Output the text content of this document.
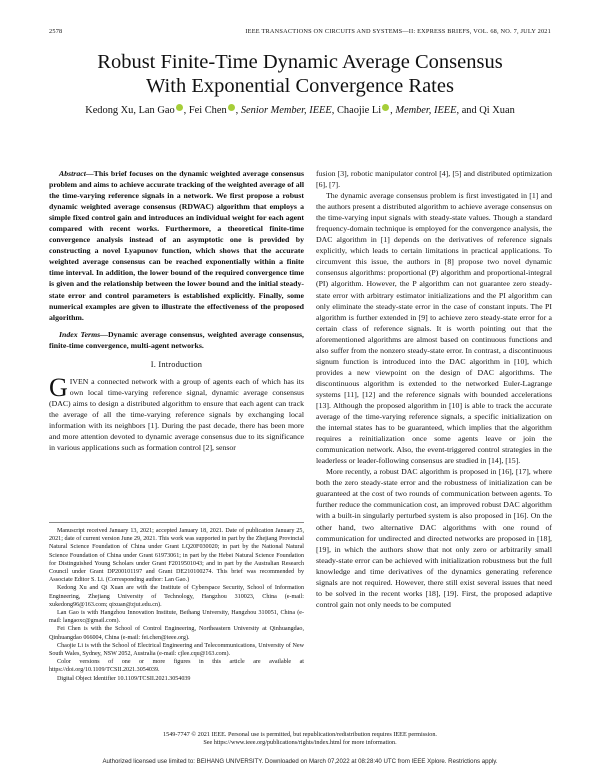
2578	IEEE TRANSACTIONS ON CIRCUITS AND SYSTEMS—II: EXPRESS BRIEFS, VOL. 68, NO. 7, JULY 2021
Robust Finite-Time Dynamic Average Consensus
With Exponential Convergence Rates
Kedong Xu, Lan Gao , Fei Chen , Senior Member, IEEE, Chaojie Li , Member, IEEE, and Qi Xuan

Abstract—This brief focuses on the dynamic weighted average consensus problem and aims to achieve accurate tracking of the weighted average of all the time-varying reference signals in a network. We first propose a robust dynamic weighted average consensus (RDWAC) algorithm that employs a simple fixed control gain and introduces an individual weight for each agent compared with recent works. Furthermore, a theoretical finite-time convergence analysis instead of an asymptotic one is provided by constructing a novel Lyapunov function, which shows that the accurate weighted average consensus can be reached exponentially within a finite time interval. In addition, the lower bound of the required convergence time is given and the relationship between the lower bound and the initial steady-state error and control parameters is established explicitly. Finally, some numerical examples are given to illustrate the effectiveness of the proposed algorithm.

Index Terms—Dynamic average consensus, weighted average consensus, finite-time convergence, multi-agent networks.

I. Introduction

GIVEN a connected network with a group of agents each of which has its own local time-varying reference signal, dynamic average consensus (DAC) aims to design a distributed algorithm to ensure that each agent can track the average of all the time-varying reference signals by exchanging local information with its neighbors [1]. During the past decade, there has been more and more attention devoted to dynamic average consensus due to its significance in various applications such as formation control [2], sensor

Manuscript received January 13, 2021; accepted January 18, 2021. Date of publication January 25, 2021; date of current version June 29, 2021. This work was supported in part by the Zhejiang Provincial Natural Science Foundation of China under Grant LQ20F030020; in part by the National Natural Science Foundation of China under Grant 61973061; in part by the Hebei Natural Science Foundation for Distinguished Young Scholars under Grant F2019501043; and in part by the Australian Research Council under Grant DP200101197 and Grant DE210100274. This brief was recommended by Associate Editor S. Li. (Corresponding author: Lan Gao.)

Kedong Xu and Qi Xuan are with the Institute of Cyberspace Security, School of Information Engineering, Zhejiang University of Technology, Hangzhou 310023, China (e-mail: xukedong96@163.com; qixuan@zjut.edu.cn).

Lan Gao is with Hangzhou Innovation Institute, Beihang University, Hangzhou 310051, China (e-mail: langaoxc@gmail.com).

Fei Chen is with the School of Control Engineering, Northeastern University at Qinhuangdao, Qinhuangdao 066004, China (e-mail: fei.chen@ieee.org).

Chaojie Li is with the School of Electrical Engineering and Telecommunications, University of New South Wales, Sydney, NSW 2052, Australia (e-mail: cjlee.cqu@163.com).

Color versions of one or more figures in this article are available at https://doi.org/10.1109/TCSII.2021.3054039.

Digital Object Identifier 10.1109/TCSII.2021.3054039

fusion [3], robotic manipulator control [4], [5] and distributed optimization [6], [7].

The dynamic average consensus problem is first investigated in [1] and the authors present a distributed algorithm to achieve average consensus on the time-varying input signals with steady-state values. Though a standard frequency-domain technique is employed for the convergence analysis, the DAC algorithm in [1] depends on the derivatives of reference signals explicitly, which leads to certain limitations in practical applications. To circumvent this issue, the authors in [8] propose two novel dynamic consensus algorithms: proportional (P) algorithm and proportional-integral (PI) algorithm. However, the P algorithm can not guarantee zero steady-state error with arbitrary estimator initializations and the PI algorithm can only eliminate the steady-state error in the case of constant inputs. The PI algorithm is further extended in [9] to achieve zero steady-state error for a certain class of reference signals. It is worth pointing out that the aforementioned algorithms are almost based on continuous functions and also suffer from the nonzero steady-state error. In contrast, a discontinuous signum function is introduced into the DAC algorithm in [10], which provides a new viewpoint on the design of DAC algorithms. The discontinuous algorithm is extended to the networked Euler-Lagrange systems [11], [12] and the reference signals with bounded accelerations [13]. Although the proposed algorithm in [10] is able to track the accurate average of the time-varying reference signals, a specific initialization on the internal states has to be guaranteed, which implies that the algorithm requires a reinitialization once some agents leave or join the communication network. Also, the event-triggered control strategies in the leaderless or leader-following consensus are studied in [14], [15].

More recently, a robust DAC algorithm is proposed in [16], [17], where both the zero steady-state error and the robustness of initialization can be guaranteed at the cost of two rounds of communication between agents. To further reduce the communication cost, an improved robust DAC algorithm with a built-in singularly perturbed system is also proposed in [16]. On the other hand, two alternative DAC algorithms with one round of communication for undirected and directed networks are proposed in [18], [19], in which the authors show that not only zero or arbitrarily small steady-state error can be achieved with initialization robustness but the full knowledge and time derivatives of the dynamics generating reference signals are not required. However, there still exist several issues that need to be solved in the recent works [18], [19]. First, the proposed adaptive control gain not only needs to be computed

1549-7747 © 2021 IEEE. Personal use is permitted, but republication/redistribution requires IEEE permission.
See https://www.ieee.org/publications/rights/index.html for more information.
Authorized licensed use limited to: BEIHANG UNIVERSITY. Downloaded on March 07,2022 at 08:28:40 UTC from IEEE Xplore. Restrictions apply.
